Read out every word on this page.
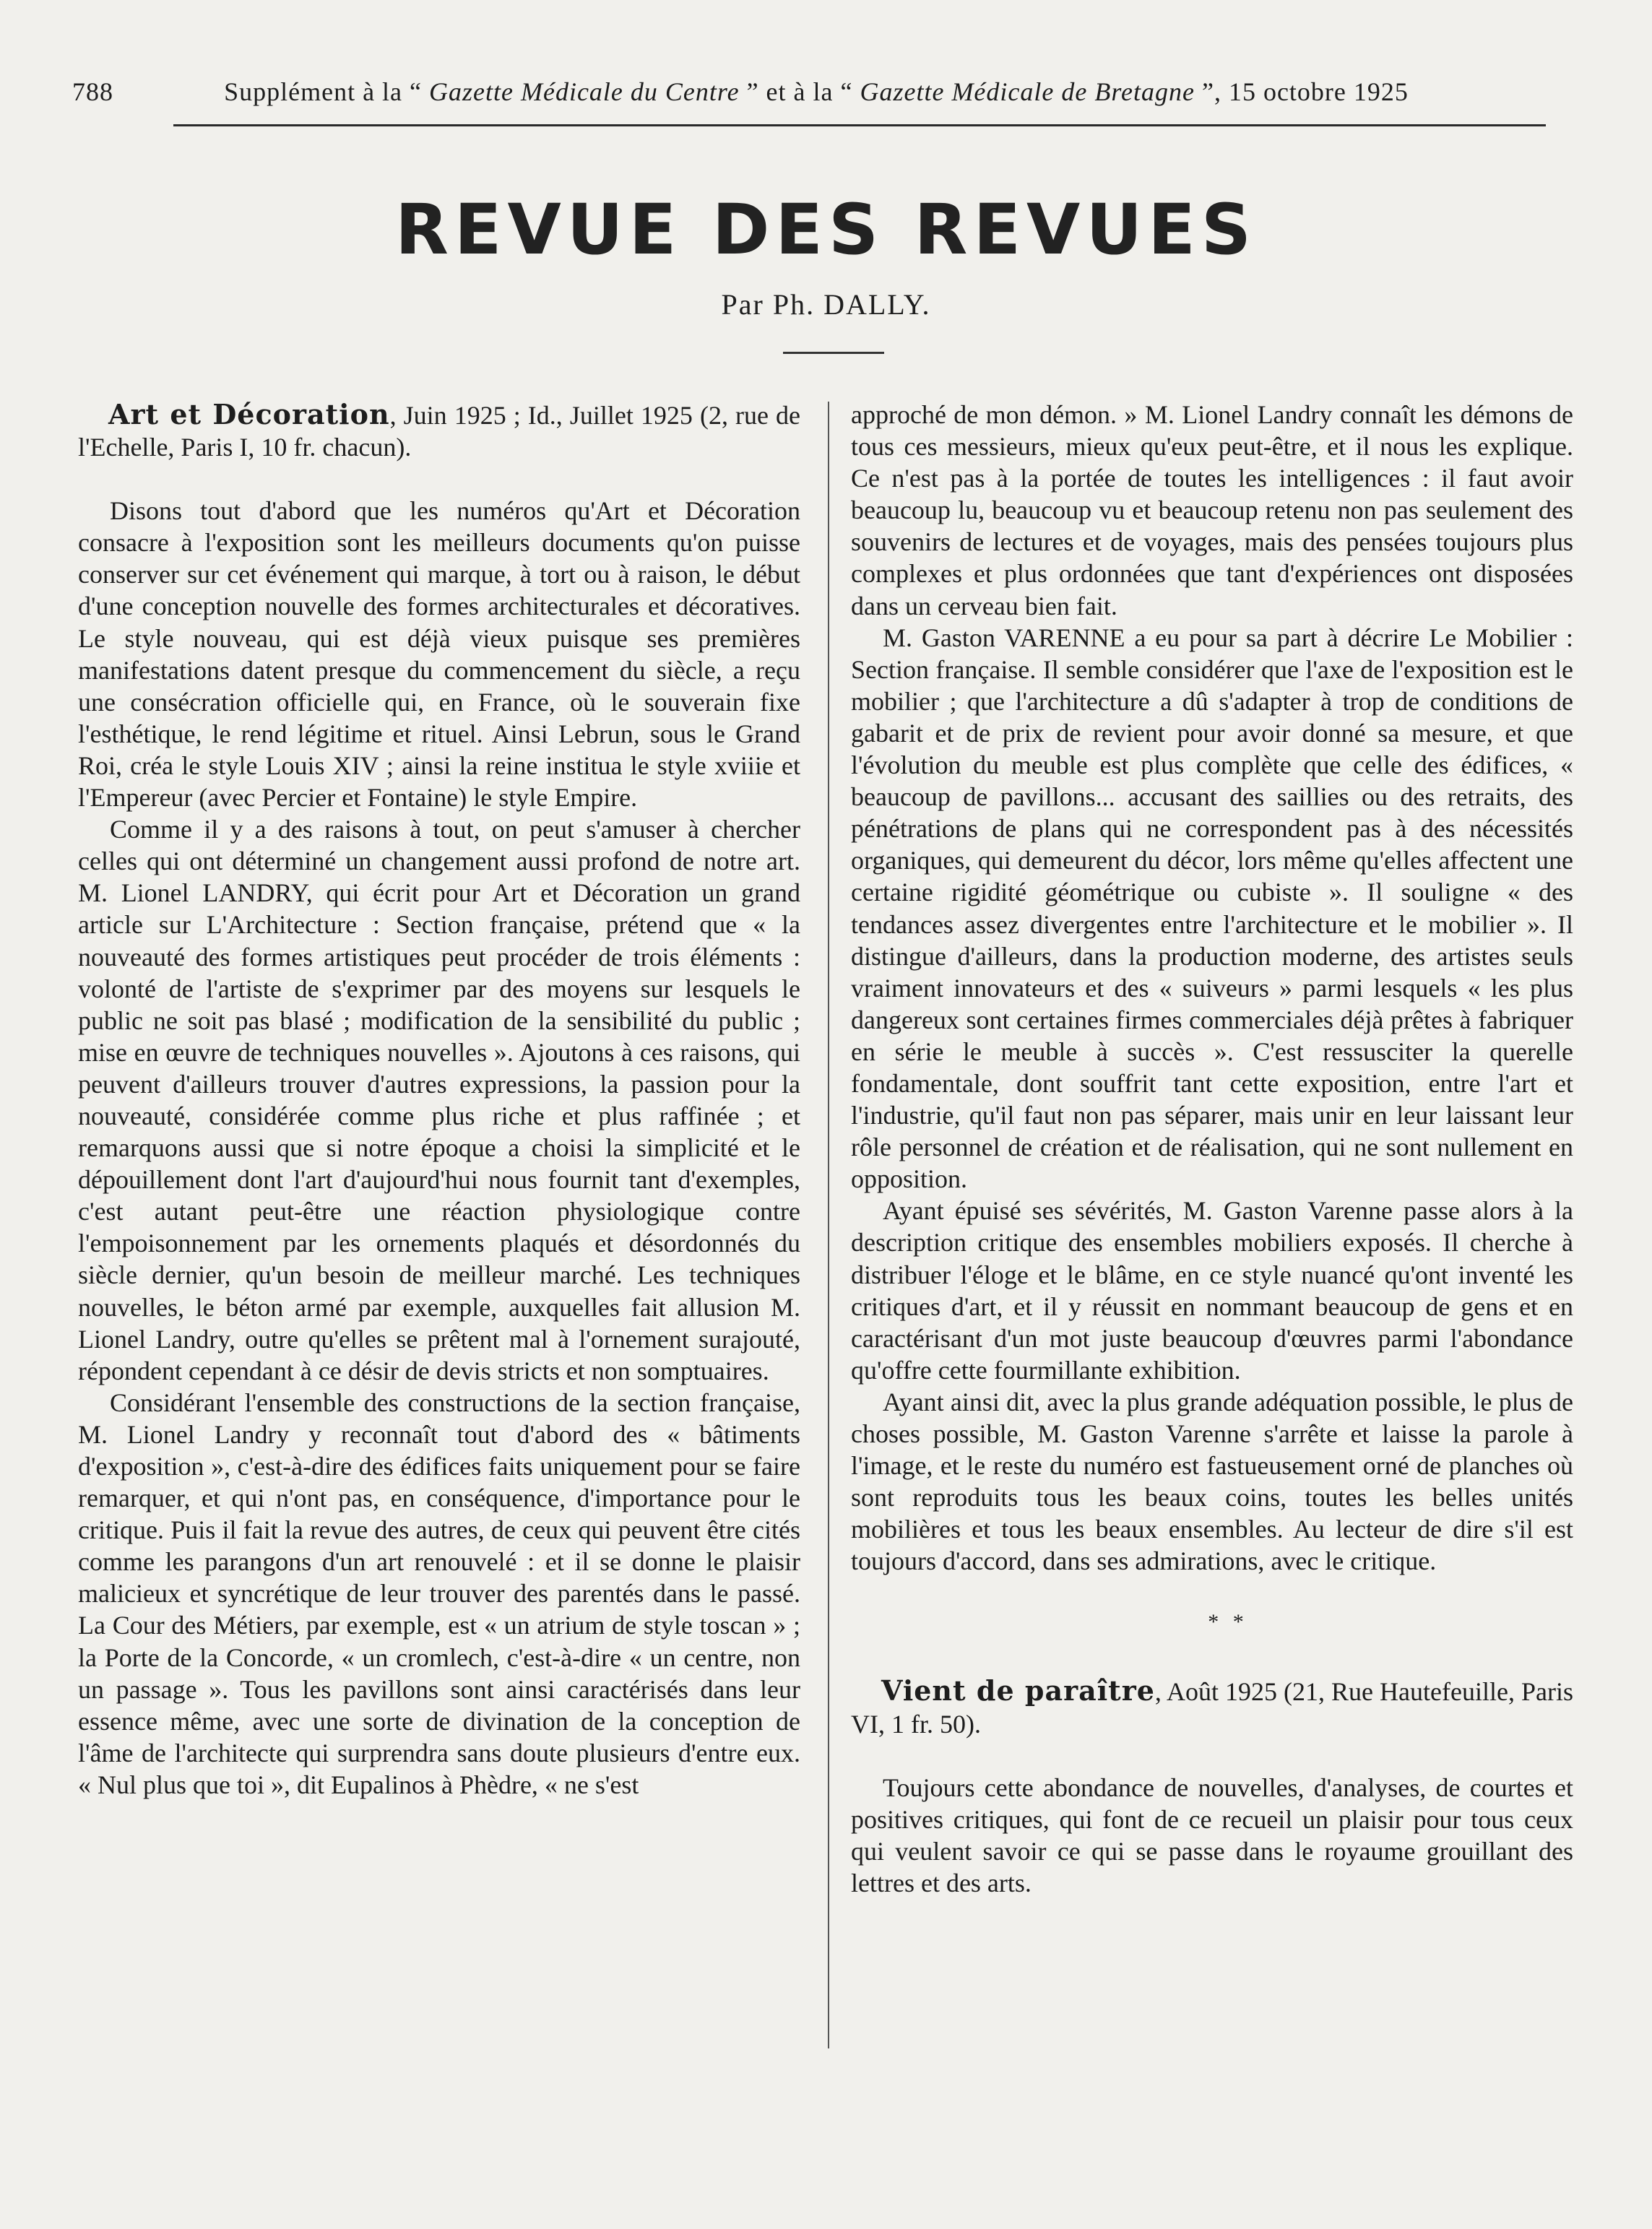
788	Supplément à la “ Gazette Médicale du Centre ” et à la “ Gazette Médicale de Bretagne ”, 15 octobre 1925
REVUE DES REVUES
Par Ph. DALLY.

Art et Décoration, Juin 1925 ; Id., Juillet 1925 (2, rue de l'Echelle, Paris I, 10 fr. chacun).

Disons tout d'abord que les numéros qu'Art et Décoration consacre à l'exposition sont les meilleurs documents qu'on puisse conserver sur cet événement qui marque, à tort ou à raison, le début d'une conception nouvelle des formes architecturales et décoratives. Le style nouveau, qui est déjà vieux puisque ses premières manifestations datent presque du commencement du siècle, a reçu une consécration officielle qui, en France, où le souverain fixe l'esthétique, le rend légitime et rituel. Ainsi Lebrun, sous le Grand Roi, créa le style Louis XIV ; ainsi la reine institua le style xviiie et l'Empereur (avec Percier et Fontaine) le style Empire.

Comme il y a des raisons à tout, on peut s'amuser à chercher celles qui ont déterminé un changement aussi profond de notre art. M. Lionel LANDRY, qui écrit pour Art et Décoration un grand article sur L'Architecture : Section française, prétend que « la nouveauté des formes artistiques peut procéder de trois éléments : volonté de l'artiste de s'exprimer par des moyens sur lesquels le public ne soit pas blasé ; modification de la sensibilité du public ; mise en œuvre de techniques nouvelles ». Ajoutons à ces raisons, qui peuvent d'ailleurs trouver d'autres expressions, la passion pour la nouveauté, considérée comme plus riche et plus raffinée ; et remarquons aussi que si notre époque a choisi la simplicité et le dépouillement dont l'art d'aujourd'hui nous fournit tant d'exemples, c'est autant peut-être une réaction physiologique contre l'empoisonnement par les ornements plaqués et désordonnés du siècle dernier, qu'un besoin de meilleur marché. Les techniques nouvelles, le béton armé par exemple, auxquelles fait allusion M. Lionel Landry, outre qu'elles se prêtent mal à l'ornement surajouté, répondent cependant à ce désir de devis stricts et non somptuaires.

Considérant l'ensemble des constructions de la section française, M. Lionel Landry y reconnaît tout d'abord des « bâtiments d'exposition », c'est-à-dire des édifices faits uniquement pour se faire remarquer, et qui n'ont pas, en conséquence, d'importance pour le critique. Puis il fait la revue des autres, de ceux qui peuvent être cités comme les parangons d'un art renouvelé : et il se donne le plaisir malicieux et syncrétique de leur trouver des parentés dans le passé. La Cour des Métiers, par exemple, est « un atrium de style toscan » ; la Porte de la Concorde, « un cromlech, c'est-à-dire « un centre, non un passage ». Tous les pavillons sont ainsi caractérisés dans leur essence même, avec une sorte de divination de la conception de l'âme de l'architecte qui surprendra sans doute plusieurs d'entre eux. « Nul plus que toi », dit Eupalinos à Phèdre, « ne s'est

approché de mon démon. » M. Lionel Landry connaît les démons de tous ces messieurs, mieux qu'eux peut-être, et il nous les explique. Ce n'est pas à la portée de toutes les intelligences : il faut avoir beaucoup lu, beaucoup vu et beaucoup retenu non pas seulement des souvenirs de lectures et de voyages, mais des pensées toujours plus complexes et plus ordonnées que tant d'expériences ont disposées dans un cerveau bien fait.

M. Gaston VARENNE a eu pour sa part à décrire Le Mobilier : Section française. Il semble considérer que l'axe de l'exposition est le mobilier ; que l'architecture a dû s'adapter à trop de conditions de gabarit et de prix de revient pour avoir donné sa mesure, et que l'évolution du meuble est plus complète que celle des édifices, « beaucoup de pavillons... accusant des saillies ou des retraits, des pénétrations de plans qui ne correspondent pas à des nécessités organiques, qui demeurent du décor, lors même qu'elles affectent une certaine rigidité géométrique ou cubiste ». Il souligne « des tendances assez divergentes entre l'architecture et le mobilier ». Il distingue d'ailleurs, dans la production moderne, des artistes seuls vraiment innovateurs et des « suiveurs » parmi lesquels « les plus dangereux sont certaines firmes commerciales déjà prêtes à fabriquer en série le meuble à succès ». C'est ressusciter la querelle fondamentale, dont souffrit tant cette exposition, entre l'art et l'industrie, qu'il faut non pas séparer, mais unir en leur laissant leur rôle personnel de création et de réalisation, qui ne sont nullement en opposition.

Ayant épuisé ses sévérités, M. Gaston Varenne passe alors à la description critique des ensembles mobiliers exposés. Il cherche à distribuer l'éloge et le blâme, en ce style nuancé qu'ont inventé les critiques d'art, et il y réussit en nommant beaucoup de gens et en caractérisant d'un mot juste beaucoup d'œuvres parmi l'abondance qu'offre cette fourmillante exhibition.

Ayant ainsi dit, avec la plus grande adéquation possible, le plus de choses possible, M. Gaston Varenne s'arrête et laisse la parole à l'image, et le reste du numéro est fastueusement orné de planches où sont reproduits tous les beaux coins, toutes les belles unités mobilières et tous les beaux ensembles. Au lecteur de dire s'il est toujours d'accord, dans ses admirations, avec le critique.

* *

Vient de paraître, Août 1925 (21, Rue Hautefeuille, Paris VI, 1 fr. 50).

Toujours cette abondance de nouvelles, d'analyses, de courtes et positives critiques, qui font de ce recueil un plaisir pour tous ceux qui veulent savoir ce qui se passe dans le royaume grouillant des lettres et des arts.
